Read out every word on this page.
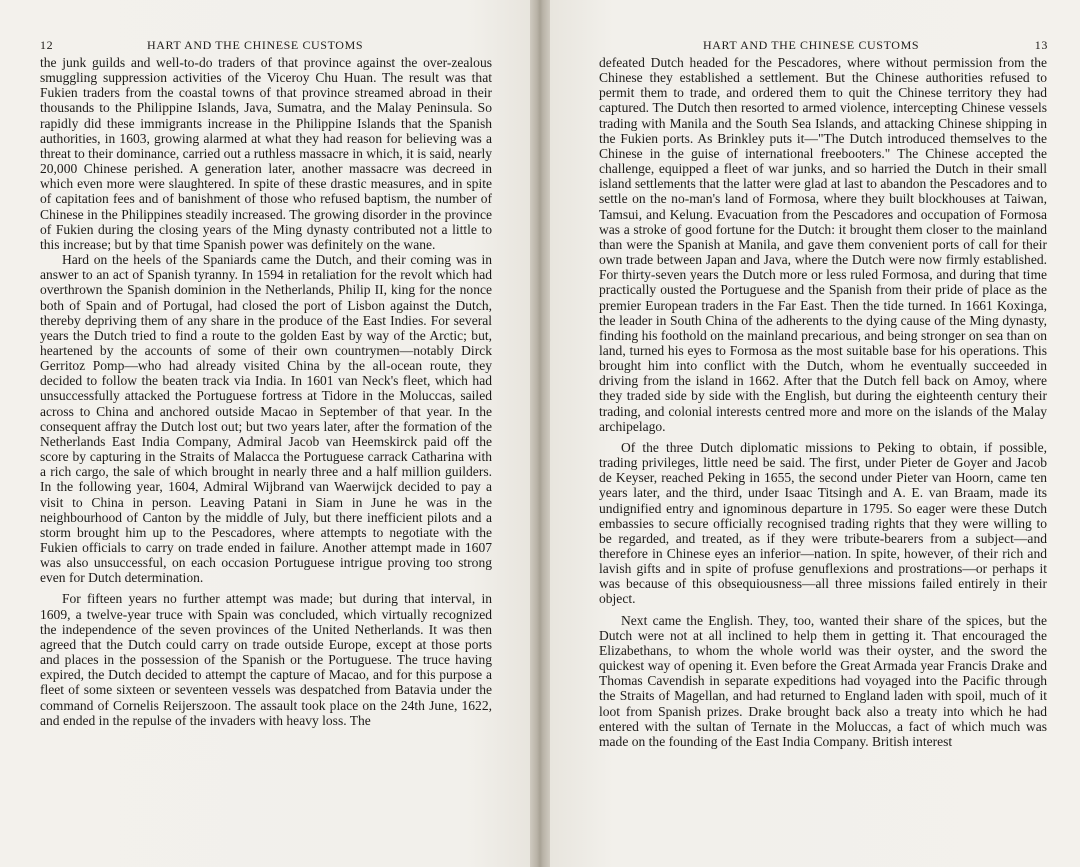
12	HART AND THE CHINESE CUSTOMS

the junk guilds and well-to-do traders of that province against the over-zealous smuggling suppression activities of the Viceroy Chu Huan. The result was that Fukien traders from the coastal towns of that province streamed abroad in their thousands to the Philippine Islands, Java, Sumatra, and the Malay Peninsula. So rapidly did these immigrants increase in the Philippine Islands that the Spanish authorities, in 1603, growing alarmed at what they had reason for believing was a threat to their dominance, carried out a ruthless massacre in which, it is said, nearly 20,000 Chinese perished. A generation later, another massacre was decreed in which even more were slaughtered. In spite of these drastic measures, and in spite of capitation fees and of banishment of those who refused baptism, the number of Chinese in the Philippines steadily increased. The growing disorder in the province of Fukien during the closing years of the Ming dynasty contributed not a little to this increase; but by that time Spanish power was definitely on the wane.

Hard on the heels of the Spaniards came the Dutch, and their coming was in answer to an act of Spanish tyranny. In 1594 in retaliation for the revolt which had overthrown the Spanish dominion in the Netherlands, Philip II, king for the nonce both of Spain and of Portugal, had closed the port of Lisbon against the Dutch, thereby depriving them of any share in the produce of the East Indies. For several years the Dutch tried to find a route to the golden East by way of the Arctic; but, heartened by the accounts of some of their own countrymen—notably Dirck Gerritoz Pomp—who had already visited China by the all-ocean route, they decided to follow the beaten track via India. In 1601 van Neck's fleet, which had unsuccessfully attacked the Portuguese fortress at Tidore in the Moluccas, sailed across to China and anchored outside Macao in September of that year. In the consequent affray the Dutch lost out; but two years later, after the formation of the Netherlands East India Company, Admiral Jacob van Heemskirck paid off the score by capturing in the Straits of Malacca the Portuguese carrack Catharina with a rich cargo, the sale of which brought in nearly three and a half million guilders. In the following year, 1604, Admiral Wijbrand van Waerwijck decided to pay a visit to China in person. Leaving Patani in Siam in June he was in the neighbourhood of Canton by the middle of July, but there inefficient pilots and a storm brought him up to the Pescadores, where attempts to negotiate with the Fukien officials to carry on trade ended in failure. Another attempt made in 1607 was also unsuccessful, on each occasion Portuguese intrigue proving too strong even for Dutch determination.

For fifteen years no further attempt was made; but during that interval, in 1609, a twelve-year truce with Spain was concluded, which virtually recognized the independence of the seven provinces of the United Netherlands. It was then agreed that the Dutch could carry on trade outside Europe, except at those ports and places in the possession of the Spanish or the Portuguese. The truce having expired, the Dutch decided to attempt the capture of Macao, and for this purpose a fleet of some sixteen or seventeen vessels was despatched from Batavia under the command of Cornelis Reijerszoon. The assault took place on the 24th June, 1622, and ended in the repulse of the invaders with heavy loss. The

HART AND THE CHINESE CUSTOMS	13

defeated Dutch headed for the Pescadores, where without permission from the Chinese they established a settlement. But the Chinese authorities refused to permit them to trade, and ordered them to quit the Chinese territory they had captured. The Dutch then resorted to armed violence, intercepting Chinese vessels trading with Manila and the South Sea Islands, and attacking Chinese shipping in the Fukien ports. As Brinkley puts it—"The Dutch introduced themselves to the Chinese in the guise of international freebooters." The Chinese accepted the challenge, equipped a fleet of war junks, and so harried the Dutch in their small island settlements that the latter were glad at last to abandon the Pescadores and to settle on the no-man's land of Formosa, where they built blockhouses at Taiwan, Tamsui, and Kelung. Evacuation from the Pescadores and occupation of Formosa was a stroke of good fortune for the Dutch: it brought them closer to the mainland than were the Spanish at Manila, and gave them convenient ports of call for their own trade between Japan and Java, where the Dutch were now firmly established. For thirty-seven years the Dutch more or less ruled Formosa, and during that time practically ousted the Portuguese and the Spanish from their pride of place as the premier European traders in the Far East. Then the tide turned. In 1661 Koxinga, the leader in South China of the adherents to the dying cause of the Ming dynasty, finding his foothold on the mainland precarious, and being stronger on sea than on land, turned his eyes to Formosa as the most suitable base for his operations. This brought him into conflict with the Dutch, whom he eventually succeeded in driving from the island in 1662. After that the Dutch fell back on Amoy, where they traded side by side with the English, but during the eighteenth century their trading, and colonial interests centred more and more on the islands of the Malay archipelago.

Of the three Dutch diplomatic missions to Peking to obtain, if possible, trading privileges, little need be said. The first, under Pieter de Goyer and Jacob de Keyser, reached Peking in 1655, the second under Pieter van Hoorn, came ten years later, and the third, under Isaac Titsingh and A. E. van Braam, made its undignified entry and ignominous departure in 1795. So eager were these Dutch embassies to secure officially recognised trading rights that they were willing to be regarded, and treated, as if they were tribute-bearers from a subject—and therefore in Chinese eyes an inferior—nation. In spite, however, of their rich and lavish gifts and in spite of profuse genuflexions and prostrations—or perhaps it was because of this obsequiousness—all three missions failed entirely in their object.

Next came the English. They, too, wanted their share of the spices, but the Dutch were not at all inclined to help them in getting it. That encouraged the Elizabethans, to whom the whole world was their oyster, and the sword the quickest way of opening it. Even before the Great Armada year Francis Drake and Thomas Cavendish in separate expeditions had voyaged into the Pacific through the Straits of Magellan, and had returned to England laden with spoil, much of it loot from Spanish prizes. Drake brought back also a treaty into which he had entered with the sultan of Ternate in the Moluccas, a fact of which much was made on the founding of the East India Company. British interest
